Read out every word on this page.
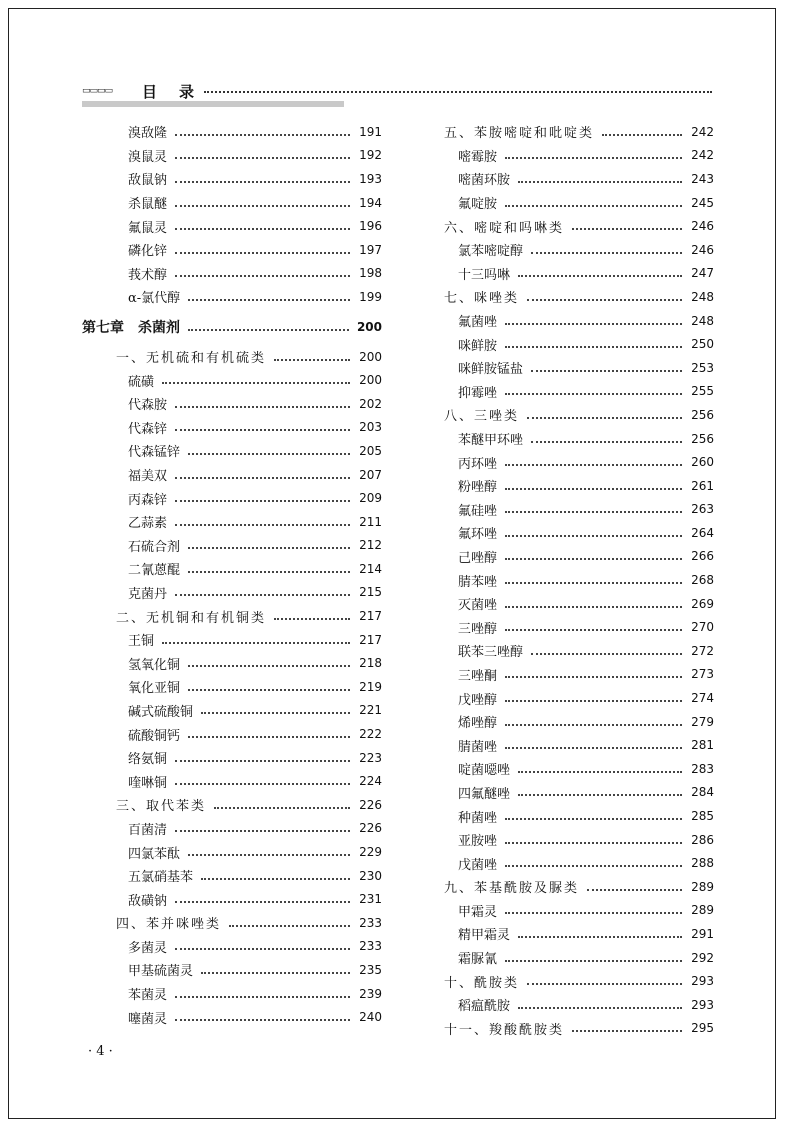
▭▭▭▭ 目录
溴敌隆	191
溴鼠灵	192
敌鼠钠	193
杀鼠醚	194
氟鼠灵	196
磷化锌	197
莪术醇	198
α-氯代醇	199
第七章　杀菌剂	200
一、无机硫和有机硫类	200
硫磺	200
代森胺	202
代森锌	203
代森锰锌	205
福美双	207
丙森锌	209
乙蒜素	211
石硫合剂	212
二氰蒽醌	214
克菌丹	215
二、无机铜和有机铜类	217
王铜	217
氢氧化铜	218
氧化亚铜	219
碱式硫酸铜	221
硫酸铜钙	222
络氨铜	223
喹啉铜	224
三、取代苯类	226
百菌清	226
四氯苯酞	229
五氯硝基苯	230
敌磺钠	231
四、苯并咪唑类	233
多菌灵	233
甲基硫菌灵	235
苯菌灵	239
噻菌灵	240
五、苯胺嘧啶和吡啶类	242
嘧霉胺	242
嘧菌环胺	243
氟啶胺	245
六、嘧啶和吗啉类	246
氯苯嘧啶醇	246
十三吗啉	247
七、咪唑类	248
氟菌唑	248
咪鲜胺	250
咪鲜胺锰盐	253
抑霉唑	255
八、三唑类	256
苯醚甲环唑	256
丙环唑	260
粉唑醇	261
氟硅唑	263
氟环唑	264
己唑醇	266
腈苯唑	268
灭菌唑	269
三唑醇	270
联苯三唑醇	272
三唑酮	273
戊唑醇	274
烯唑醇	279
腈菌唑	281
啶菌噁唑	283
四氟醚唑	284
种菌唑	285
亚胺唑	286
戊菌唑	288
九、苯基酰胺及脲类	289
甲霜灵	289
精甲霜灵	291
霜脲氰	292
十、酰胺类	293
稻瘟酰胺	293
十一、羧酸酰胺类	295
· 4 ·
